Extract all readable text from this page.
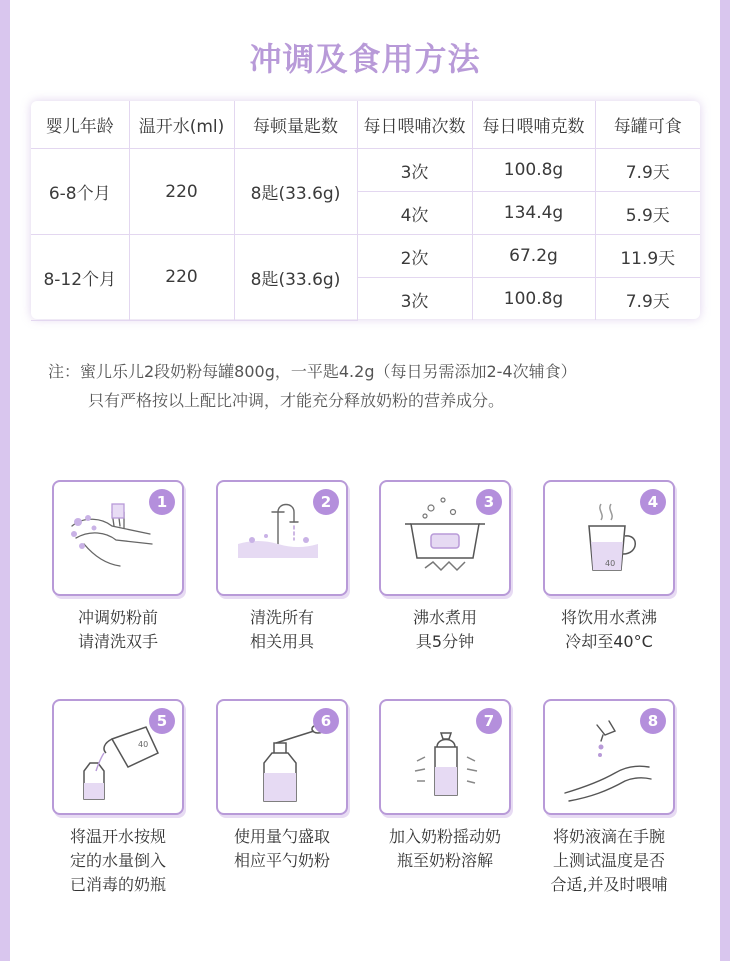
冲调及食用方法
婴儿年龄	温开水(ml)	每顿量匙数	每日喂哺次数	每日喂哺克数	每罐可食
6-8个月	220	8匙(33.6g)	3次	100.8g	7.9天
			4次	134.4g	5.9天
8-12个月	220	8匙(33.6g)	2次	67.2g	11.9天
			3次	100.8g	7.9天
注：蜜儿乐儿2段奶粉每罐800g，一平匙4.2g（每日另需添加2-4次辅食）
只有严格按以上配比冲调，才能充分释放奶粉的营养成分。
1
冲调奶粉前
请清洗双手
2
清洗所有
相关用具
3
沸水煮用
具5分钟
40
4
将饮用水煮沸
冷却至40°C
40
5
将温开水按规
定的水量倒入
已消毒的奶瓶
6
使用量勺盛取
相应平勺奶粉
7
加入奶粉摇动奶
瓶至奶粉溶解
8
将奶液滴在手腕
上测试温度是否
合适,并及时喂哺
